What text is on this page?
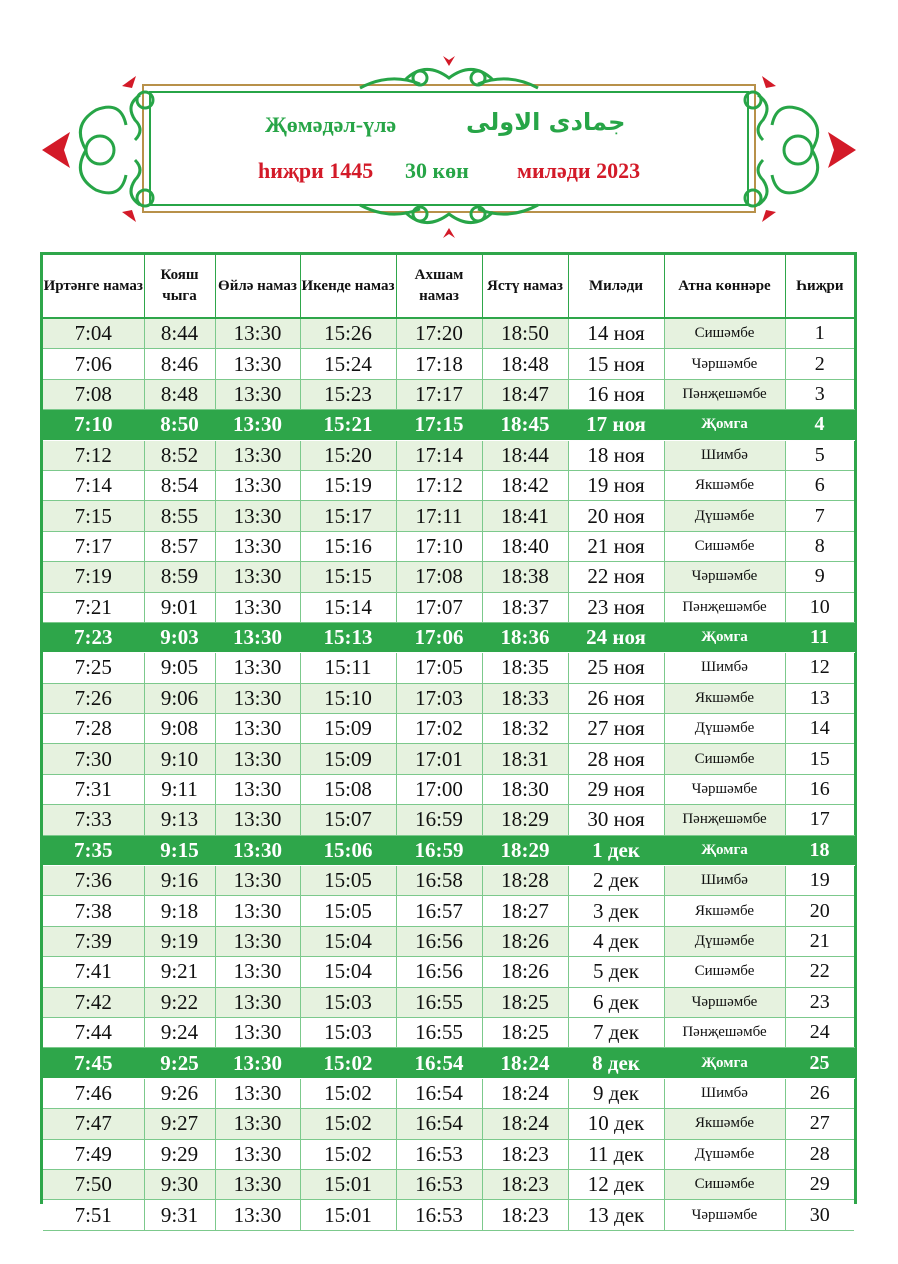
Җөмәдәл-үлә	جمادی الاولی
һиҗри 1445 30 көн миләди 2023
Иртәнге намаз	Кояш чыга	Өйлә намаз	Икенде намаз	Ахшам намаз	Ястү намаз	Миләди	Атна көннәре	Һиҗри
7:04	8:44	13:30	15:26	17:20	18:50	14 ноя	Сишәмбе	1
7:06	8:46	13:30	15:24	17:18	18:48	15 ноя	Чәршәмбе	2
7:08	8:48	13:30	15:23	17:17	18:47	16 ноя	Пәнҗешәмбе	3
7:10	8:50	13:30	15:21	17:15	18:45	17 ноя	Җомга	4
7:12	8:52	13:30	15:20	17:14	18:44	18 ноя	Шимбә	5
7:14	8:54	13:30	15:19	17:12	18:42	19 ноя	Якшәмбе	6
7:15	8:55	13:30	15:17	17:11	18:41	20 ноя	Дүшәмбе	7
7:17	8:57	13:30	15:16	17:10	18:40	21 ноя	Сишәмбе	8
7:19	8:59	13:30	15:15	17:08	18:38	22 ноя	Чәршәмбе	9
7:21	9:01	13:30	15:14	17:07	18:37	23 ноя	Пәнҗешәмбе	10
7:23	9:03	13:30	15:13	17:06	18:36	24 ноя	Җомга	11
7:25	9:05	13:30	15:11	17:05	18:35	25 ноя	Шимбә	12
7:26	9:06	13:30	15:10	17:03	18:33	26 ноя	Якшәмбе	13
7:28	9:08	13:30	15:09	17:02	18:32	27 ноя	Дүшәмбе	14
7:30	9:10	13:30	15:09	17:01	18:31	28 ноя	Сишәмбе	15
7:31	9:11	13:30	15:08	17:00	18:30	29 ноя	Чәршәмбе	16
7:33	9:13	13:30	15:07	16:59	18:29	30 ноя	Пәнҗешәмбе	17
7:35	9:15	13:30	15:06	16:59	18:29	1 дек	Җомга	18
7:36	9:16	13:30	15:05	16:58	18:28	2 дек	Шимбә	19
7:38	9:18	13:30	15:05	16:57	18:27	3 дек	Якшәмбе	20
7:39	9:19	13:30	15:04	16:56	18:26	4 дек	Дүшәмбе	21
7:41	9:21	13:30	15:04	16:56	18:26	5 дек	Сишәмбе	22
7:42	9:22	13:30	15:03	16:55	18:25	6 дек	Чәршәмбе	23
7:44	9:24	13:30	15:03	16:55	18:25	7 дек	Пәнҗешәмбе	24
7:45	9:25	13:30	15:02	16:54	18:24	8 дек	Җомга	25
7:46	9:26	13:30	15:02	16:54	18:24	9 дек	Шимбә	26
7:47	9:27	13:30	15:02	16:54	18:24	10 дек	Якшәмбе	27
7:49	9:29	13:30	15:02	16:53	18:23	11 дек	Дүшәмбе	28
7:50	9:30	13:30	15:01	16:53	18:23	12 дек	Сишәмбе	29
7:51	9:31	13:30	15:01	16:53	18:23	13 дек	Чәршәмбе	30
